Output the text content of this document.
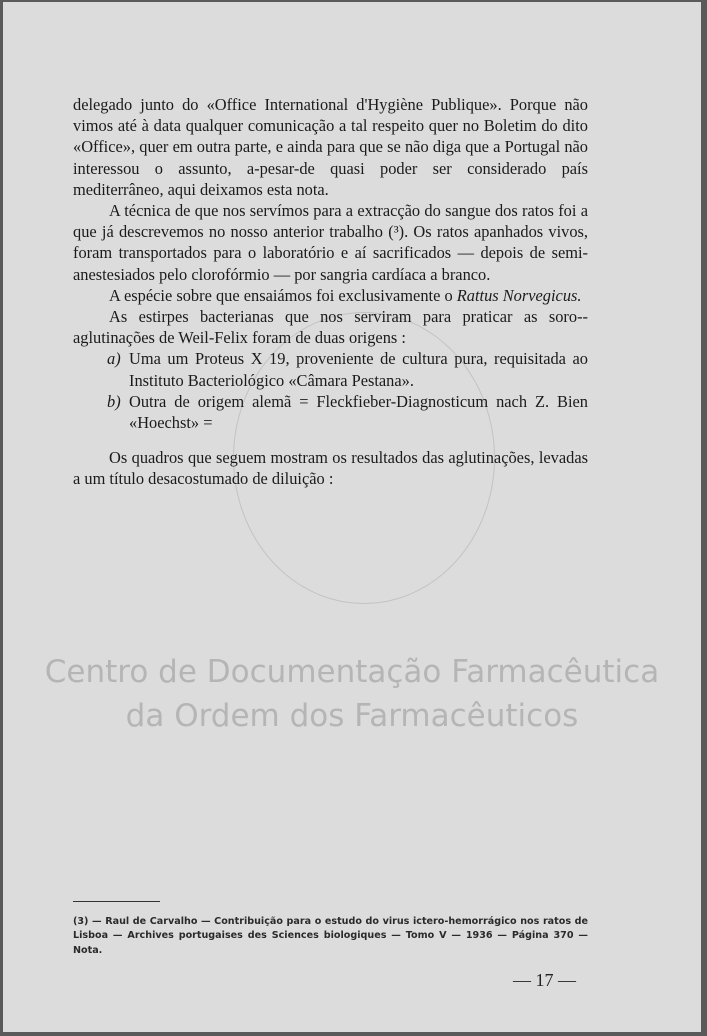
delegado junto do «Office International d'Hygiène Publique». Porque não vimos até à data qualquer comunicação a tal respeito quer no Boletim do dito «Office», quer em outra parte, e ainda para que se não diga que a Portugal não interessou o assunto, a-pesar-de quasi poder ser considerado país mediterrâneo, aqui deixamos esta nota.

A técnica de que nos servímos para a extracção do sangue dos ratos foi a que já descrevemos no nosso anterior trabalho (³). Os ratos apanhados vivos, foram transportados para o laboratório e aí sacrificados — depois de semi-anestesiados pelo clorofórmio — por sangria cardíaca a branco.

A espécie sobre que ensaiámos foi exclusivamente o Rattus Norvegicus.

As estirpes bacterianas que nos serviram para praticar as soro--aglutinações de Weil-Felix foram de duas origens :

a) Uma um Proteus X 19, proveniente de cultura pura, requisitada ao Instituto Bacteriológico «Câmara Pestana».

b) Outra de origem alemã = Fleckfieber-Diagnosticum nach Z. Bien «Hoechst» =

Os quadros que seguem mostram os resultados das aglutinações, levadas a um título desacostumado de diluição :

Centro de Documentação Farmacêutica
da Ordem dos Farmacêuticos
(3) — Raul de Carvalho — Contribuição para o estudo do virus ictero-hemorrágico nos ratos de Lisboa — Archives portugaises des Sciences biologiques — Tomo V — 1936 — Página 370 — Nota.
— 17 —
